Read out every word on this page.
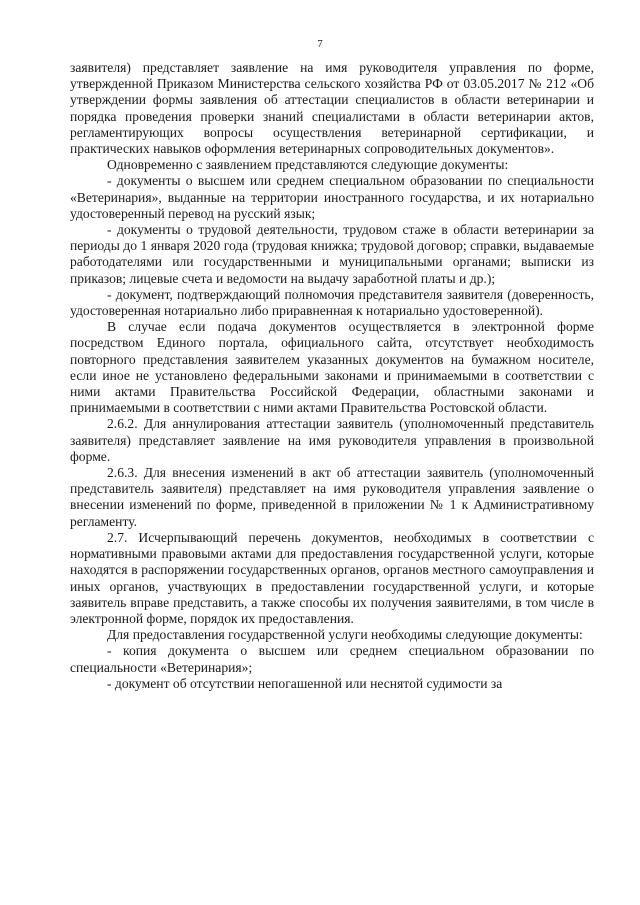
7

заявителя) представляет заявление на имя руководителя управления по форме, утвержденной Приказом Министерства сельского хозяйства РФ от 03.05.2017 № 212 «Об утверждении формы заявления об аттестации специалистов в области ветеринарии и порядка проведения проверки знаний специалистами в области ветеринарии актов, регламентирующих вопросы осуществления ветеринарной сертификации, и практических навыков оформления ветеринарных сопроводительных документов».

Одновременно с заявлением представляются следующие документы:

- документы о высшем или среднем специальном образовании по специальности «Ветеринария», выданные на территории иностранного государства, и их нотариально удостоверенный перевод на русский язык;

- документы о трудовой деятельности, трудовом стаже в области ветеринарии за периоды до 1 января 2020 года (трудовая книжка; трудовой договор; справки, выдаваемые работодателями или государственными и муниципальными органами; выписки из приказов; лицевые счета и ведомости на выдачу заработной платы и др.);

- документ, подтверждающий полномочия представителя заявителя (доверенность, удостоверенная нотариально либо приравненная к нотариально удостоверенной).

В случае если подача документов осуществляется в электронной форме посредством Единого портала, официального сайта, отсутствует необходимость повторного представления заявителем указанных документов на бумажном носителе, если иное не установлено федеральными законами и принимаемыми в соответствии с ними актами Правительства Российской Федерации, областными законами и принимаемыми в соответствии с ними актами Правительства Ростовской области.

2.6.2. Для аннулирования аттестации заявитель (уполномоченный представитель заявителя) представляет заявление на имя руководителя управления в произвольной форме.

2.6.3. Для внесения изменений в акт об аттестации заявитель (уполномоченный представитель заявителя) представляет на имя руководителя управления заявление о внесении изменений по форме, приведенной в приложении № 1 к Административному регламенту.

2.7. Исчерпывающий перечень документов, необходимых в соответствии с нормативными правовыми актами для предоставления государственной услуги, которые находятся в распоряжении государственных органов, органов местного самоуправления и иных органов, участвующих в предоставлении государственной услуги, и которые заявитель вправе представить, а также способы их получения заявителями, в том числе в электронной форме, порядок их предоставления.

Для предоставления государственной услуги необходимы следующие документы:

- копия документа о высшем или среднем специальном образовании по специальности «Ветеринария»;

- документ об отсутствии непогашенной или неснятой судимости за
